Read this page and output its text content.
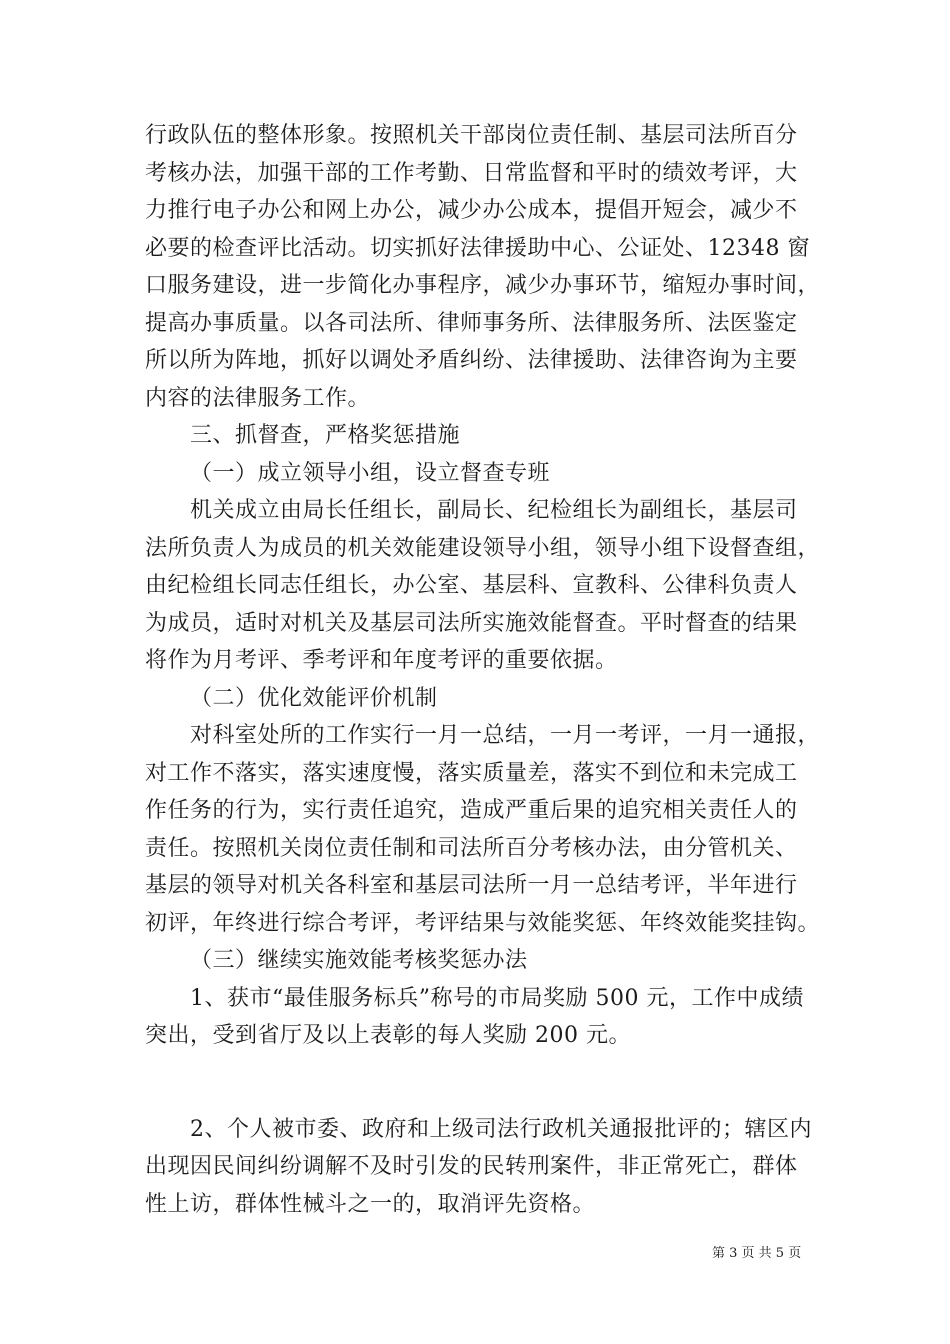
行政队伍的整体形象。按照机关干部岗位责任制、基层司法所百分
考核办法，加强干部的工作考勤、日常监督和平时的绩效考评，大
力推行电子办公和网上办公，减少办公成本，提倡开短会，减少不
必要的检查评比活动。切实抓好法律援助中心、公证处、12348 窗
口服务建设，进一步简化办事程序，减少办事环节，缩短办事时间，
提高办事质量。以各司法所、律师事务所、法律服务所、法医鉴定
所以所为阵地，抓好以调处矛盾纠纷、法律援助、法律咨询为主要
内容的法律服务工作。
三、抓督查，严格奖惩措施
（一）成立领导小组，设立督查专班
机关成立由局长任组长，副局长、纪检组长为副组长，基层司
法所负责人为成员的机关效能建设领导小组，领导小组下设督查组，
由纪检组长同志任组长，办公室、基层科、宣教科、公律科负责人
为成员，适时对机关及基层司法所实施效能督查。平时督查的结果
将作为月考评、季考评和年度考评的重要依据。
（二）优化效能评价机制
对科室处所的工作实行一月一总结，一月一考评，一月一通报，
对工作不落实，落实速度慢，落实质量差，落实不到位和未完成工
作任务的行为，实行责任追究，造成严重后果的追究相关责任人的
责任。按照机关岗位责任制和司法所百分考核办法，由分管机关、
基层的领导对机关各科室和基层司法所一月一总结考评，半年进行
初评，年终进行综合考评，考评结果与效能奖惩、年终效能奖挂钩。
（三）继续实施效能考核奖惩办法
1、获市“最佳服务标兵”称号的市局奖励 500 元，工作中成绩
突出，受到省厅及以上表彰的每人奖励 200 元。
2、个人被市委、政府和上级司法行政机关通报批评的；辖区内
出现因民间纠纷调解不及时引发的民转刑案件，非正常死亡，群体
性上访，群体性械斗之一的，取消评先资格。
第 3 页 共 5 页
